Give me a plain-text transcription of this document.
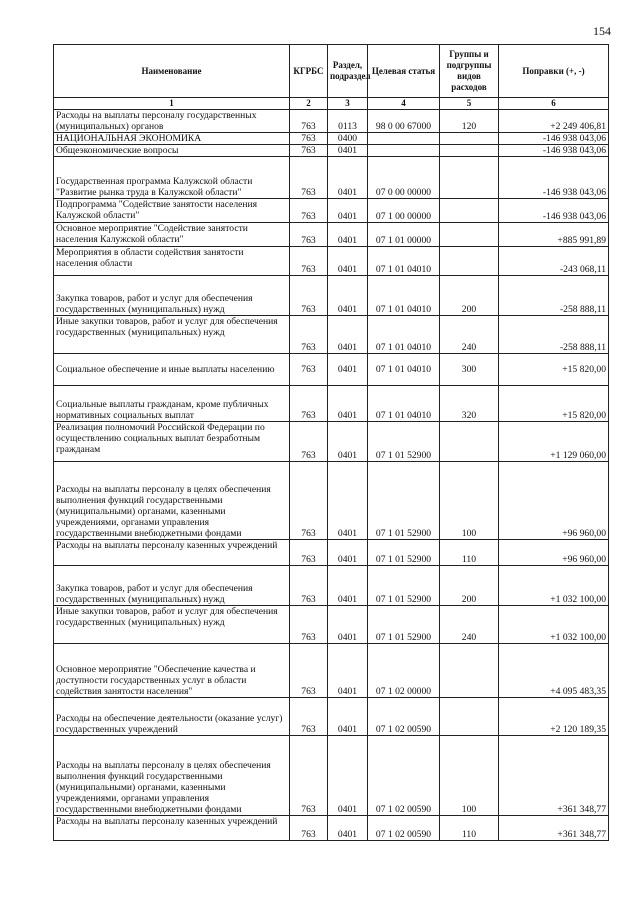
154
Наименование	КГРБС	Раздел, подраздел	Целевая статья	Группы и подгруппы видов расходов	Поправки (+, -)
1	2	3	4	5	6
Расходы на выплаты персоналу государственных (муниципальных) органов	763	0113	98 0 00 67000	120	+2 249 406,81
НАЦИОНАЛЬНАЯ ЭКОНОМИКА	763	0400			-146 938 043,06
Общеэкономические вопросы	763	0401			-146 938 043,06
Государственная программа Калужской области "Развитие рынка труда в Калужской области"	763	0401	07 0 00 00000		-146 938 043,06
Подпрограмма "Содействие занятости населения Калужской области"	763	0401	07 1 00 00000		-146 938 043,06
Основное мероприятие "Содействие занятости населения Калужской области"	763	0401	07 1 01 00000		+885 991,89
Мероприятия в области содействия занятости населения области	763	0401	07 1 01 04010		-243 068,11
Закупка товаров, работ и услуг для обеспечения государственных (муниципальных) нужд	763	0401	07 1 01 04010	200	-258 888,11
Иные закупки товаров, работ и услуг для обеспечения государственных (муниципальных) нужд	763	0401	07 1 01 04010	240	-258 888,11
Социальное обеспечение и иные выплаты населению	763	0401	07 1 01 04010	300	+15 820,00
Социальные выплаты гражданам, кроме публичных нормативных социальных выплат	763	0401	07 1 01 04010	320	+15 820,00
Реализация полномочий Российской Федерации по осуществлению социальных выплат безработным гражданам	763	0401	07 1 01 52900		+1 129 060,00
Расходы на выплаты персоналу в целях обеспечения выполнения функций государственными (муниципальными) органами, казенными учреждениями, органами управления государственными внебюджетными фондами	763	0401	07 1 01 52900	100	+96 960,00
Расходы на выплаты персоналу казенных учреждений	763	0401	07 1 01 52900	110	+96 960,00
Закупка товаров, работ и услуг для обеспечения государственных (муниципальных) нужд	763	0401	07 1 01 52900	200	+1 032 100,00
Иные закупки товаров, работ и услуг для обеспечения государственных (муниципальных) нужд	763	0401	07 1 01 52900	240	+1 032 100,00
Основное мероприятие "Обеспечение качества и доступности государственных услуг в области содействия занятости населения"	763	0401	07 1 02 00000		+4 095 483,35
Расходы на обеспечение деятельности (оказание услуг) государственных учреждений	763	0401	07 1 02 00590		+2 120 189,35
Расходы на выплаты персоналу в целях обеспечения выполнения функций государственными (муниципальными) органами, казенными учреждениями, органами управления государственными внебюджетными фондами	763	0401	07 1 02 00590	100	+361 348,77
Расходы на выплаты персоналу казенных учреждений	763	0401	07 1 02 00590	110	+361 348,77
